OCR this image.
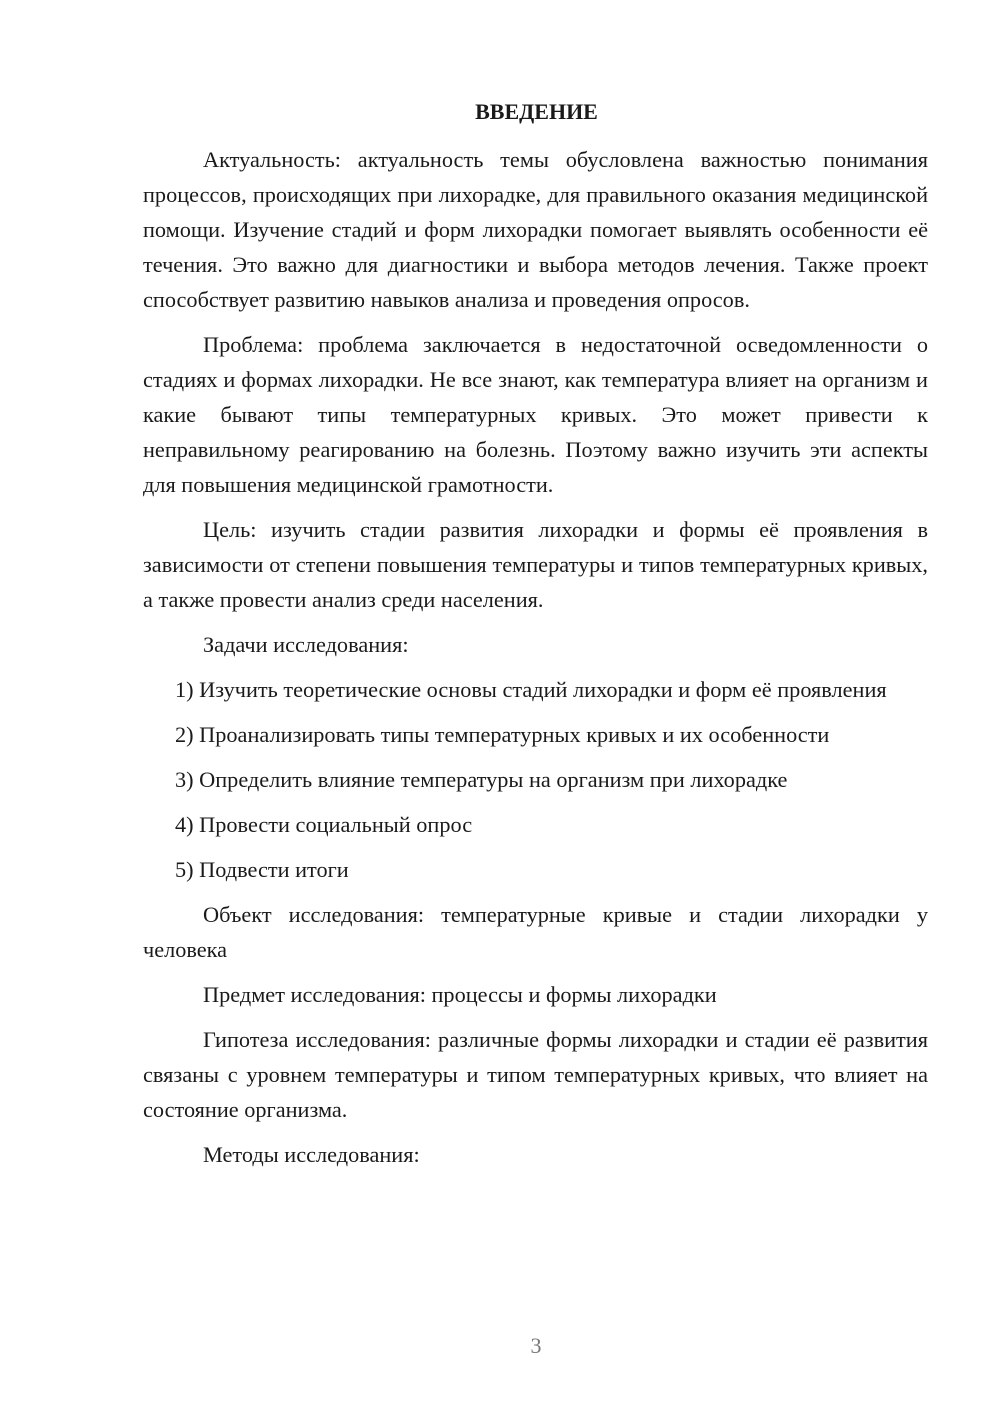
ВВЕДЕНИЕ

Актуальность: актуальность темы обусловлена важностью понимания процессов, происходящих при лихорадке, для правильного оказания медицинской помощи. Изучение стадий и форм лихорадки помогает выявлять особенности её течения. Это важно для диагностики и выбора методов лечения. Также проект способствует развитию навыков анализа и проведения опросов.

Проблема: проблема заключается в недостаточной осведомленности о стадиях и формах лихорадки. Не все знают, как температура влияет на организм и какие бывают типы температурных кривых. Это может привести к неправильному реагированию на болезнь. Поэтому важно изучить эти аспекты для повышения медицинской грамотности.

Цель: изучить стадии развития лихорадки и формы её проявления в зависимости от степени повышения температуры и типов температурных кривых, а также провести анализ среди населения.

Задачи исследования:

1) Изучить теоретические основы стадий лихорадки и форм её проявления

2) Проанализировать типы температурных кривых и их особенности

3) Определить влияние температуры на организм при лихорадке

4) Провести социальный опрос

5) Подвести итоги

Объект исследования: температурные кривые и стадии лихорадки у человека

Предмет исследования: процессы и формы лихорадки

Гипотеза исследования: различные формы лихорадки и стадии её развития связаны с уровнем температуры и типом температурных кривых, что влияет на состояние организма.

Методы исследования:

3
